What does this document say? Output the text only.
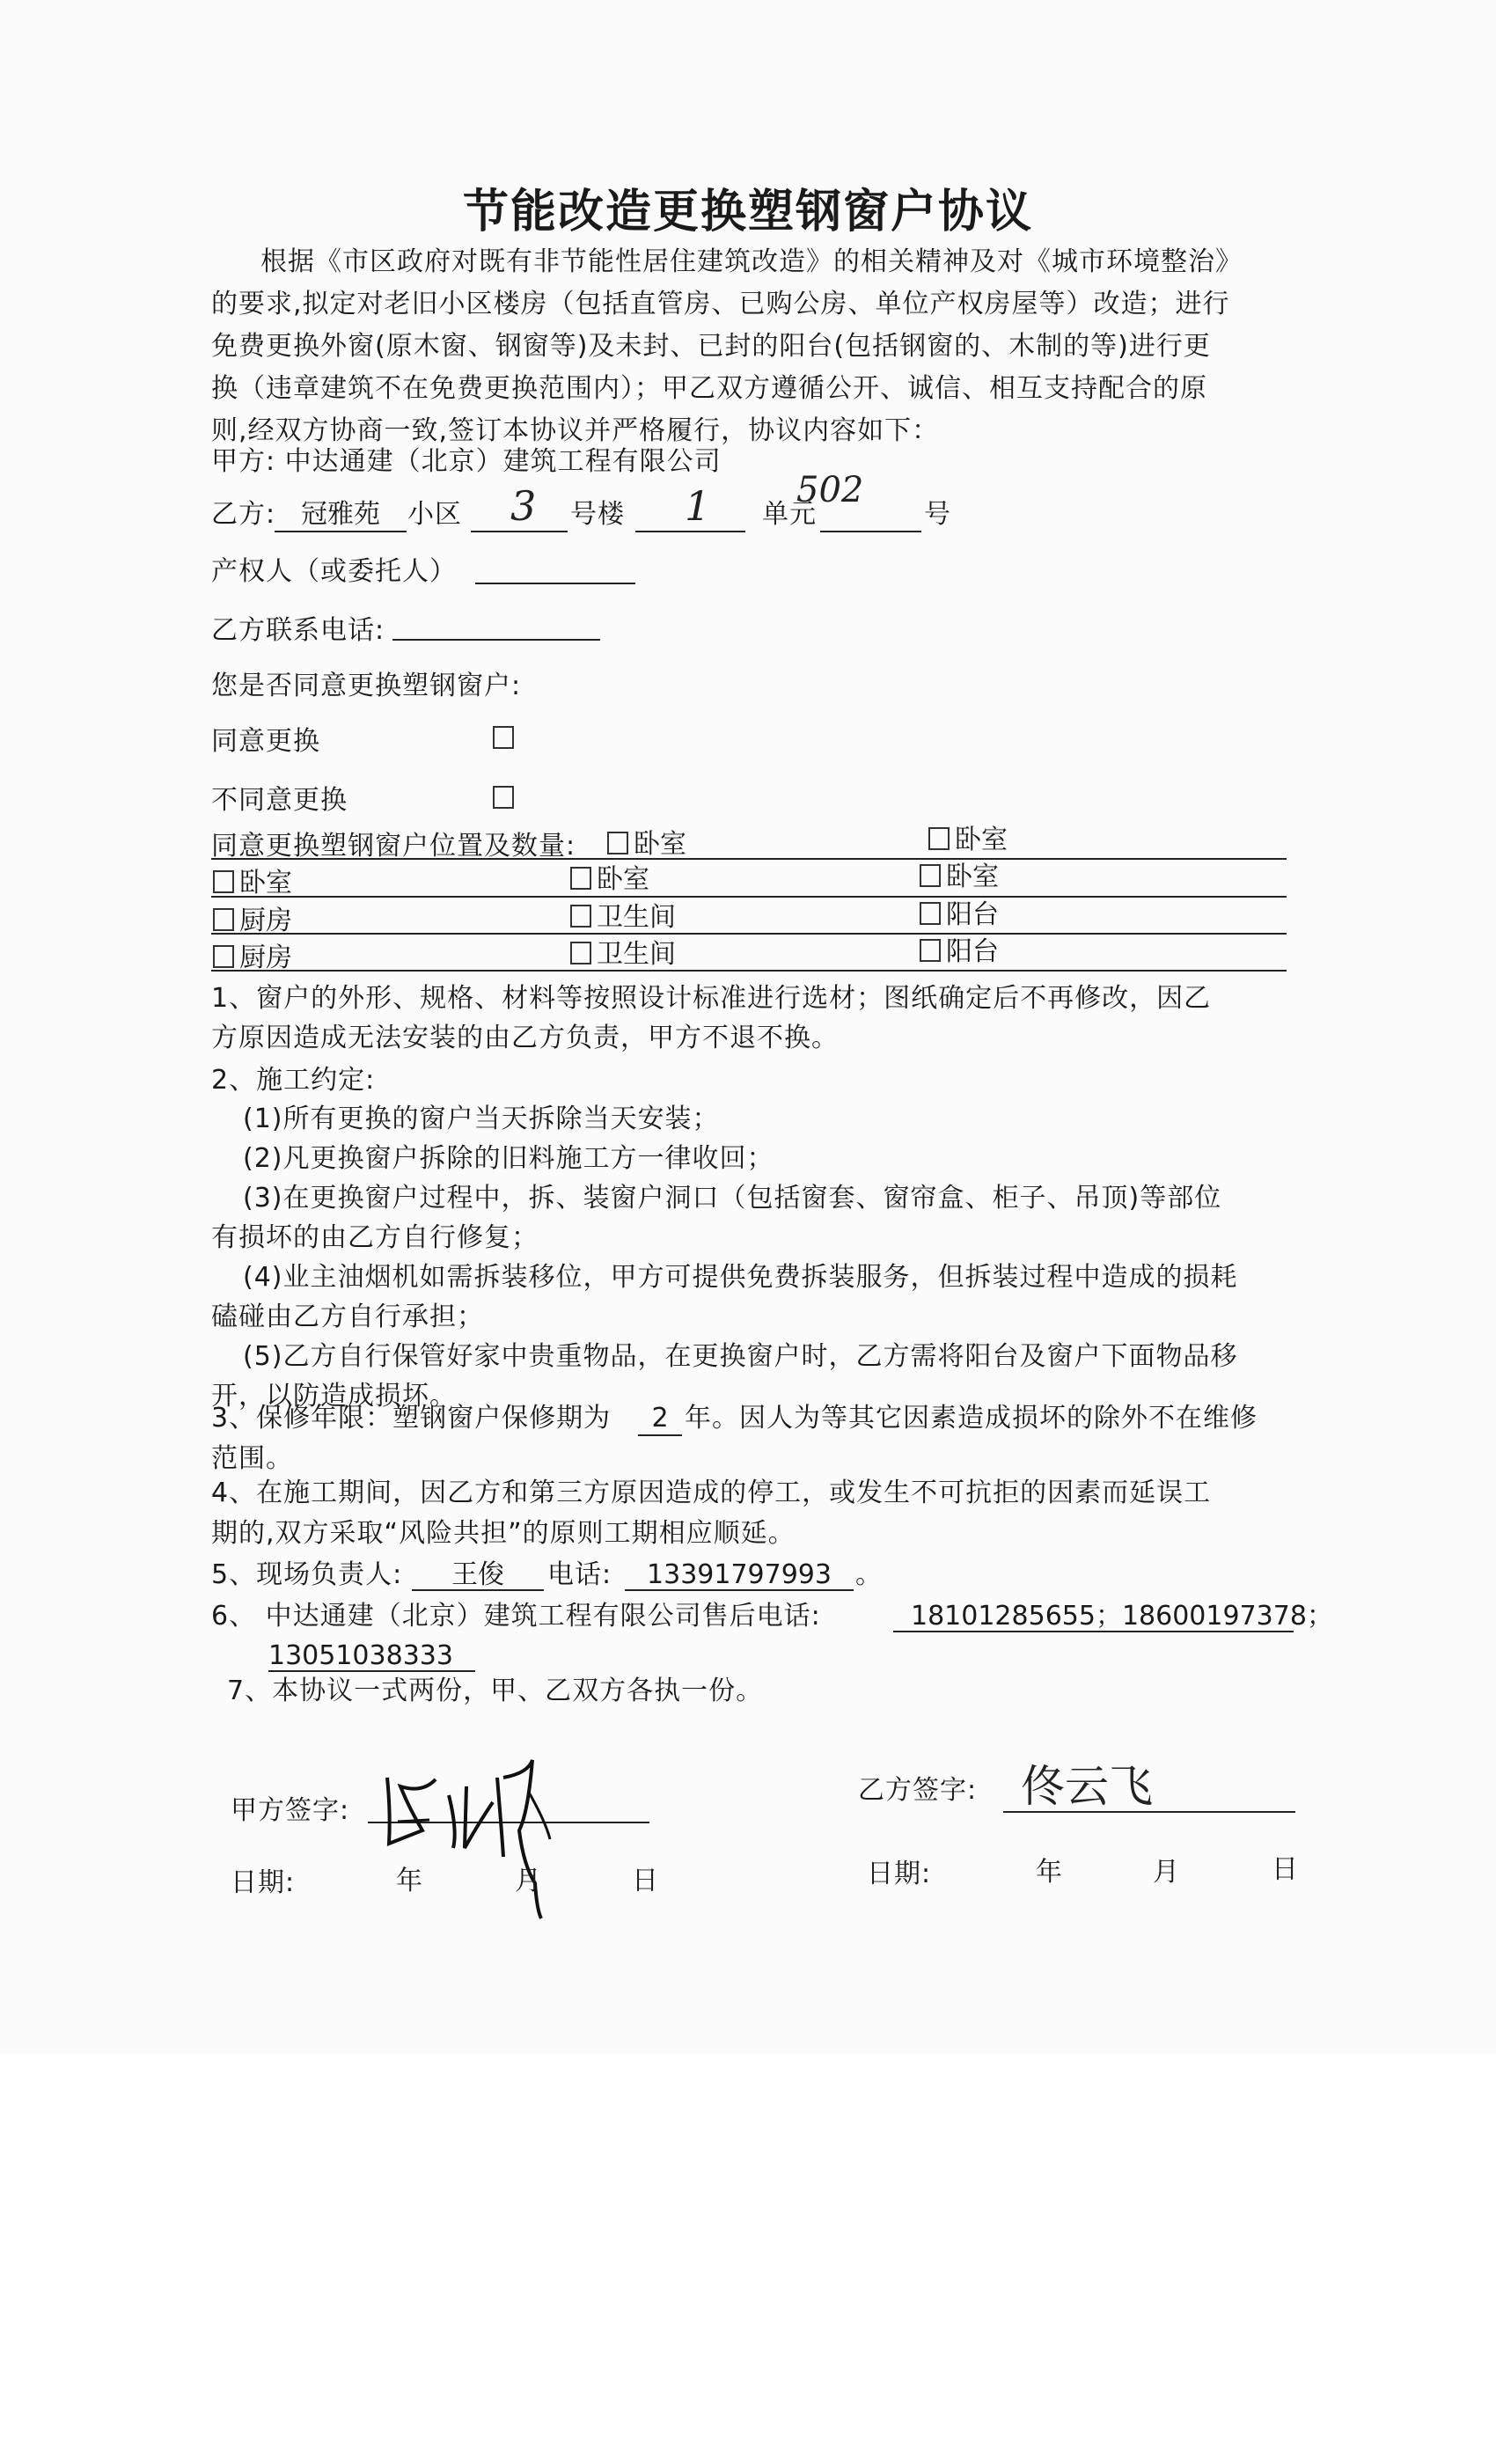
节能改造更换塑钢窗户协议
根据《市区政府对既有非节能性居住建筑改造》的相关精神及对《城市环境整治》
的要求,拟定对老旧小区楼房（包括直管房、已购公房、单位产权房屋等）改造；进行
免费更换外窗(原木窗、钢窗等)及未封、已封的阳台(包括钢窗的、木制的等)进行更
换（违章建筑不在免费更换范围内）；甲乙双方遵循公开、诚信、相互支持配合的原
则,经双方协商一致,签订本协议并严格履行，协议内容如下：
甲方: 中达通建（北京）建筑工程有限公司
乙方: 冠雅苑	小区 3 号楼 1 单元
502
号
产权人（或委托人）
乙方联系电话:
您是否同意更换塑钢窗户:
同意更换
不同意更换
同意更换塑钢窗户位置及数量: 卧室	卧室
卧室	卧室	卧室
厨房	卫生间	阳台
厨房	卫生间	阳台
1、窗户的外形、规格、材料等按照设计标准进行选材；图纸确定后不再修改，因乙
方原因造成无法安装的由乙方负责，甲方不退不换。
2、施工约定:
(1)所有更换的窗户当天拆除当天安装；
(2)凡更换窗户拆除的旧料施工方一律收回；
(3)在更换窗户过程中，拆、装窗户洞口（包括窗套、窗帘盒、柜子、吊顶)等部位
有损坏的由乙方自行修复；
(4)业主油烟机如需拆装移位，甲方可提供免费拆装服务，但拆装过程中造成的损耗
磕碰由乙方自行承担；
(5)乙方自行保管好家中贵重物品，在更换窗户时，乙方需将阳台及窗户下面物品移
开，以防造成损坏。
3、保修年限：塑钢窗户保修期为	2 年。因人为等其它因素造成损坏的除外不在维修
范围。
4、在施工期间，因乙方和第三方原因造成的停工，或发生不可抗拒的因素而延误工
期的,双方采取“风险共担”的原则工期相应顺延。
5、现场负责人:	王俊	电话:	13391797993 。
6、 中达通建（北京）建筑工程有限公司售后电话:	18101285655；18600197378；
13051038333
7、本协议一式两份，甲、乙双方各执一份。
甲方签字:
乙方签字: 佟云飞
日期:	年	月	日	日期:	年	月	日
